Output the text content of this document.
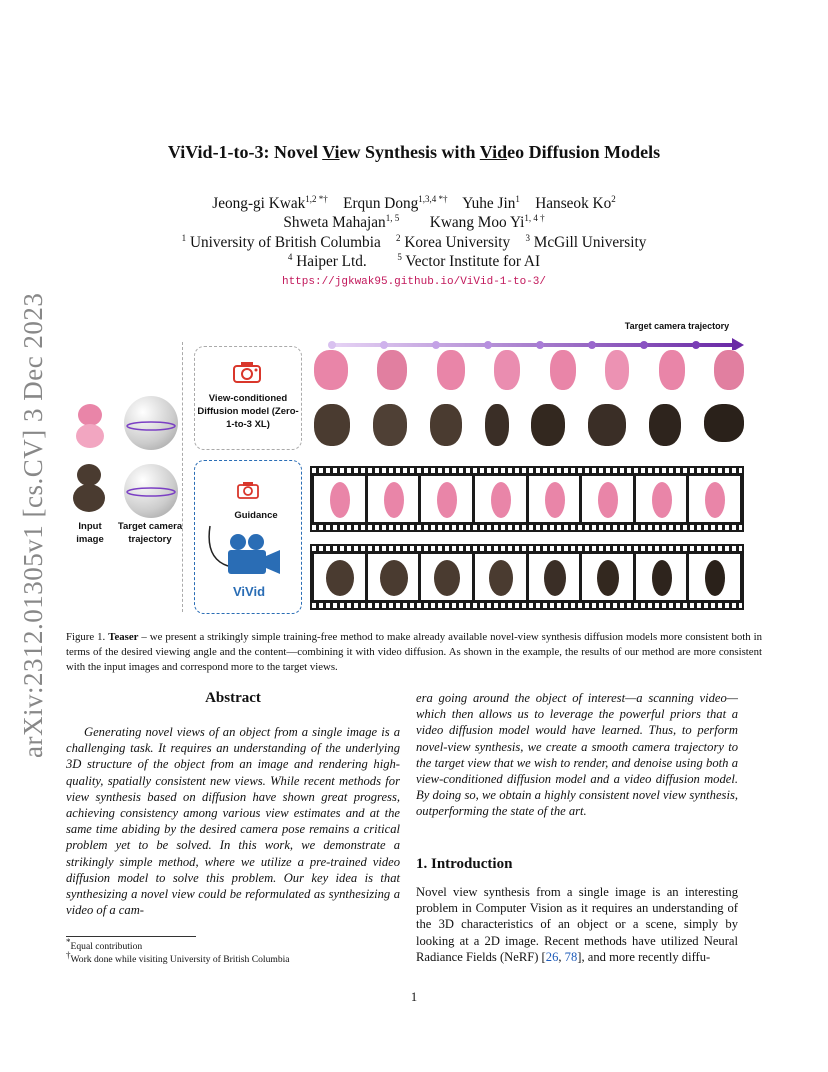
arXiv:2312.01305v1 [cs.CV] 3 Dec 2023
ViVid-1-to-3: Novel View Synthesis with Video Diffusion Models
Jeong-gi Kwak$^{1,2 *\dagger}$ Erqun Dong$^{1,3,4 *\dagger}$ Yuhe Jin$^1$ Hanseok Ko$^2$
Shweta Mahajan$^{1, 5}$ Kwang Moo $Yi^{1, 4 \dagger}$
$^1$ University of British Columbia $^2$ Korea University $^3$ McGill University
$^4$ Haiper Ltd.	$^5$ Vector Institute for AI
https://jgkwak95.github.io/ViVid-1-to-3/
Target camera trajectory
View-conditioned Diffusion model (Zero-1-to-3 XL)
Guidance
ViVid
Input image
Target camera trajectory
Figure 1. Teaser – we present a strikingly simple training-free method to make already available novel-view synthesis diffusion models more consistent both in terms of the desired viewing angle and the content—combining it with video diffusion. As shown in the example, the results of our method are more consistent with the input images and correspond more to the target views.
Abstract
Generating novel views of an object from a single image is a challenging task. It requires an understanding of the underlying 3D structure of the object from an image and rendering high-quality, spatially consistent new views. While recent methods for view synthesis based on diffusion have shown great progress, achieving consistency among various view estimates and at the same time abiding by the desired camera pose remains a critical problem yet to be solved. In this work, we demonstrate a strikingly simple method, where we utilize a pre-trained video diffusion model to solve this problem. Our key idea is that synthesizing a novel view could be reformulated as synthesizing a video of a cam-
era going around the object of interest—a scanning video—which then allows us to leverage the powerful priors that a video diffusion model would have learned. Thus, to perform novel-view synthesis, we create a smooth camera trajectory to the target view that we wish to render, and denoise using both a view-conditioned diffusion model and a video diffusion model. By doing so, we obtain a highly consistent novel view synthesis, outperforming the state of the art.
1. Introduction
Novel view synthesis from a single image is an interesting problem in Computer Vision as it requires an understanding of the 3D characteristics of an object or a scene, simply by looking at a 2D image. Recent methods have utilized Neural Radiance Fields (NeRF) [26, 78], and more recently diffu-
*Equal contribution
†Work done while visiting University of British Columbia
1
